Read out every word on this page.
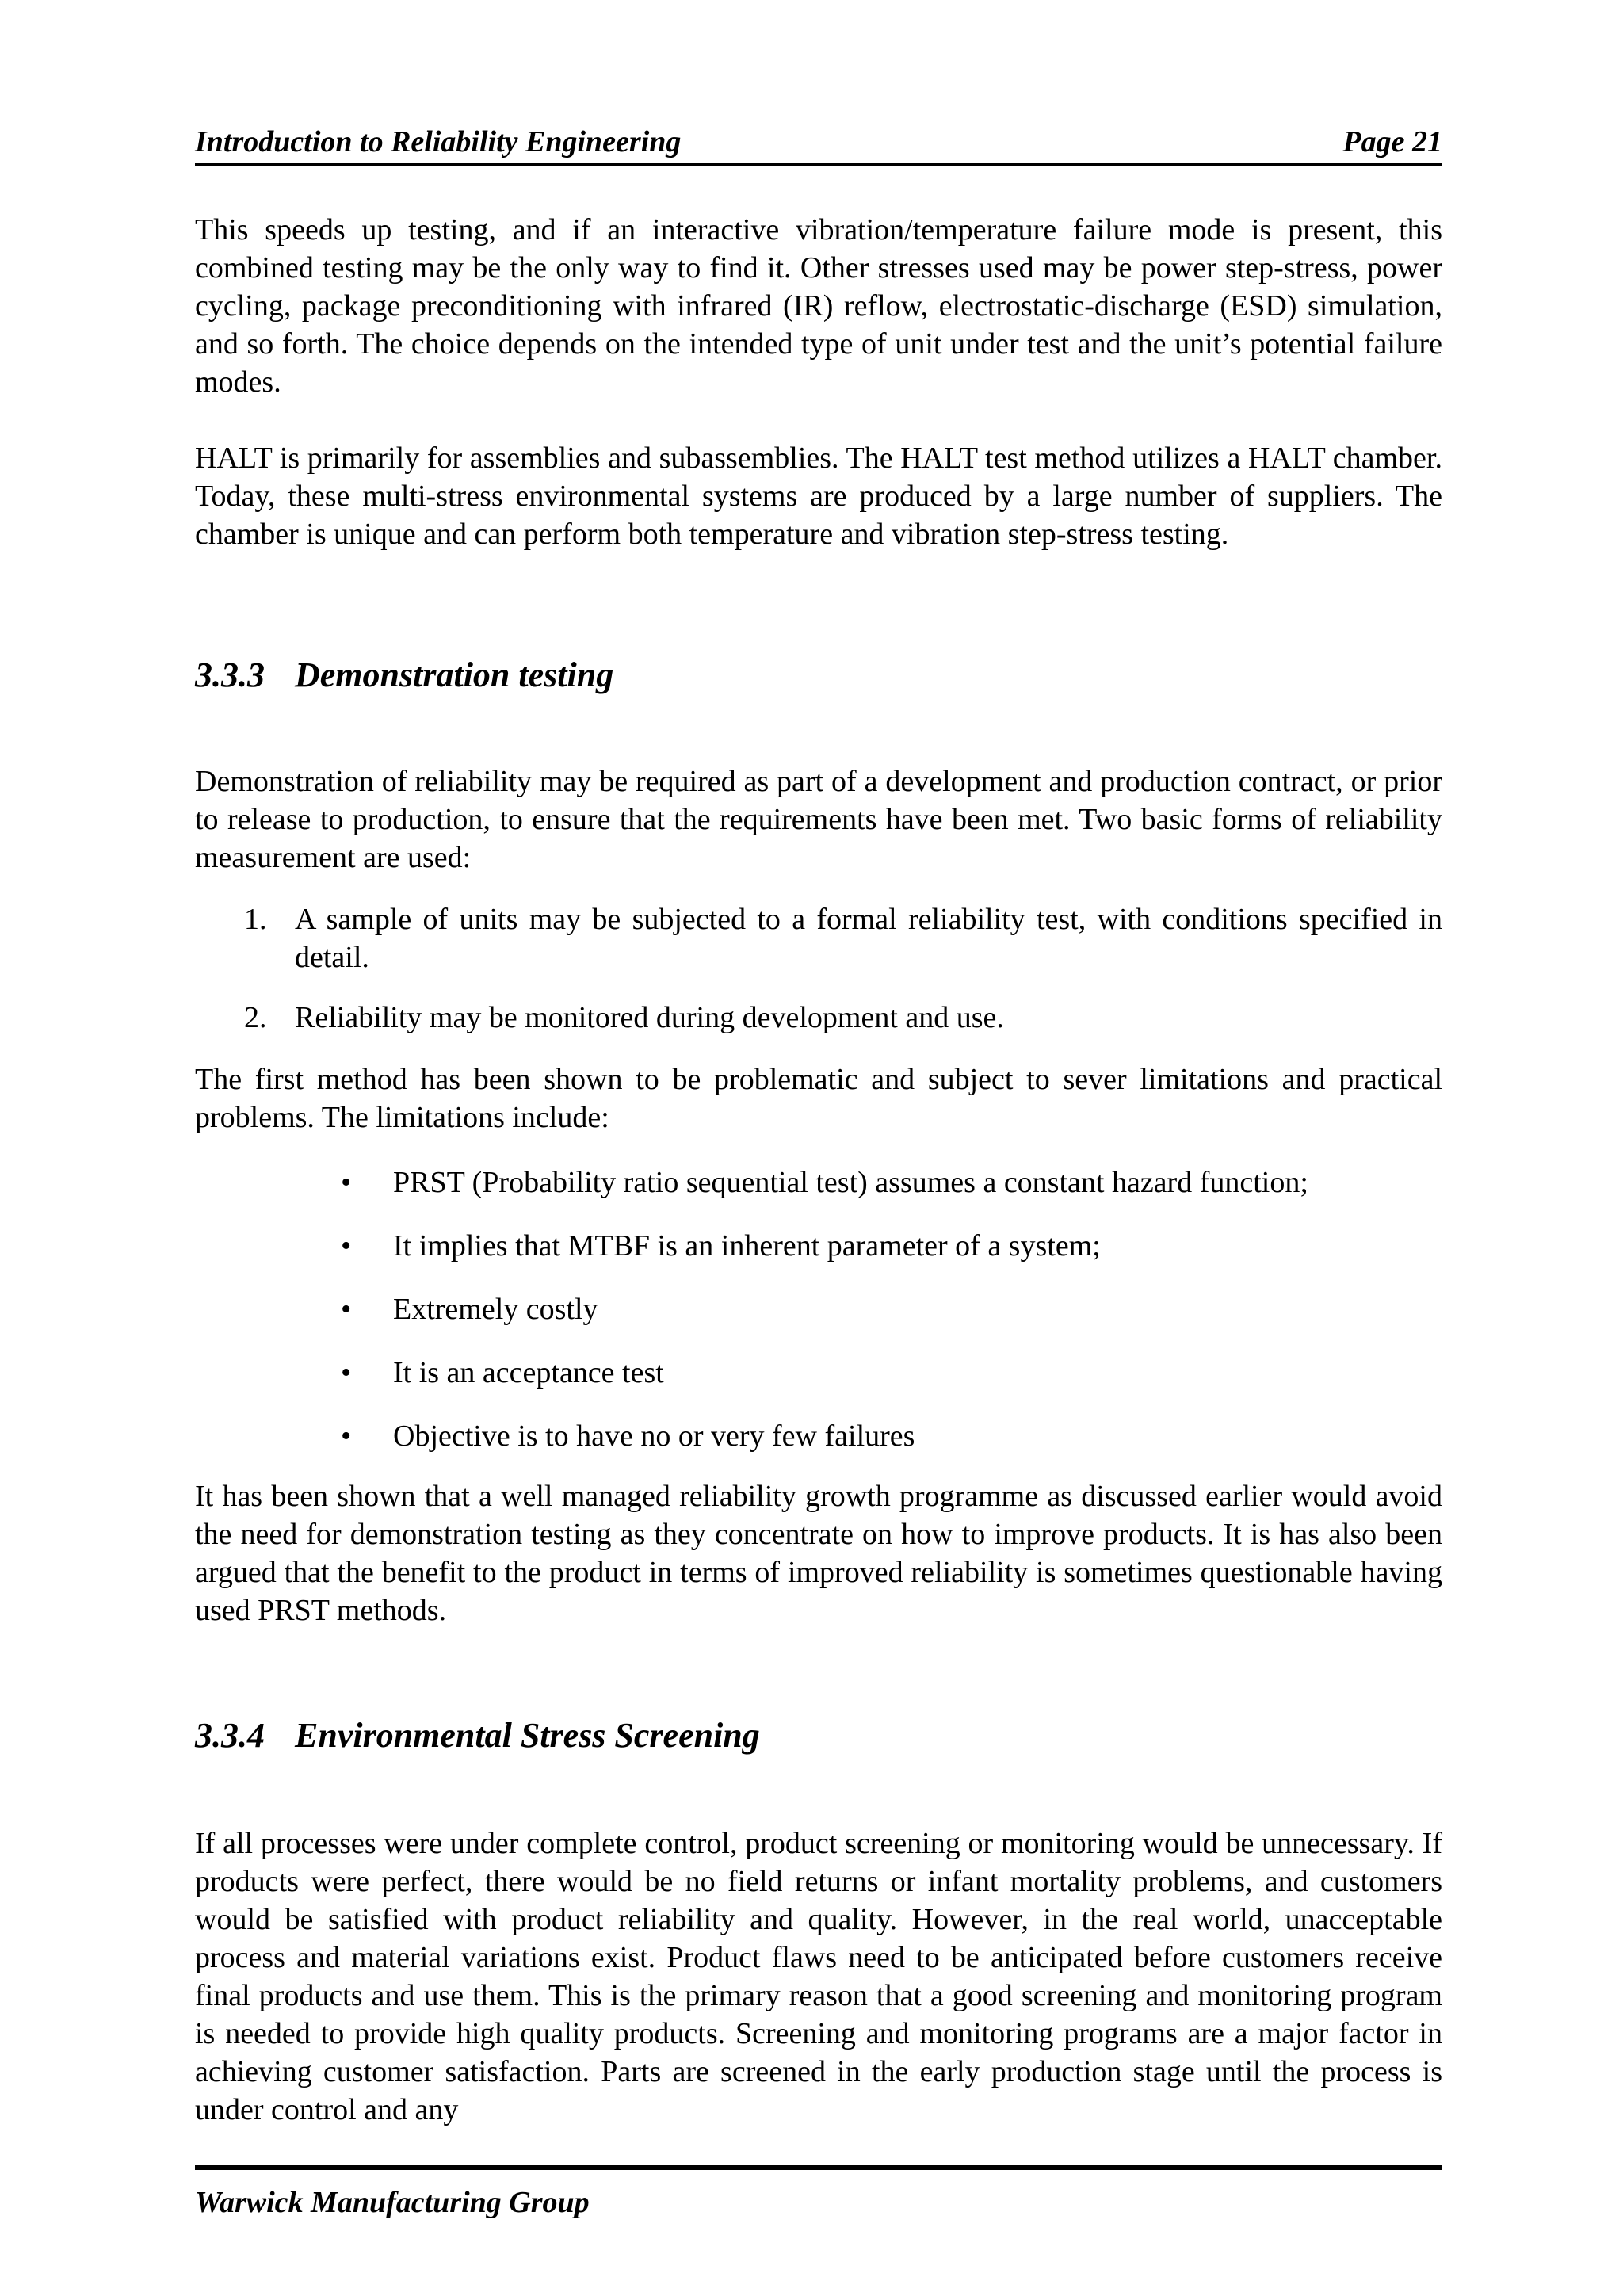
Introduction to Reliability Engineering	Page 21

This speeds up testing, and if an interactive vibration/temperature failure mode is present, this combined testing may be the only way to find it. Other stresses used may be power step-stress, power cycling, package preconditioning with infrared (IR) reflow, electrostatic-discharge (ESD) simulation, and so forth. The choice depends on the intended type of unit under test and the unit’s potential failure modes.

HALT is primarily for assemblies and subassemblies. The HALT test method utilizes a HALT chamber. Today, these multi-stress environmental systems are produced by a large number of suppliers. The chamber is unique and can perform both temperature and vibration step-stress testing.

3.3.3 Demonstration testing

Demonstration of reliability may be required as part of a development and production contract, or prior to release to production, to ensure that the requirements have been met. Two basic forms of reliability measurement are used:

1. A sample of units may be subjected to a formal reliability test, with conditions specified in detail.
2. Reliability may be monitored during development and use.

The first method has been shown to be problematic and subject to sever limitations and practical problems. The limitations include:

• PRST (Probability ratio sequential test) assumes a constant hazard function;
• It implies that MTBF is an inherent parameter of a system;
• Extremely costly
• It is an acceptance test
• Objective is to have no or very few failures

It has been shown that a well managed reliability growth programme as discussed earlier would avoid the need for demonstration testing as they concentrate on how to improve products. It is has also been argued that the benefit to the product in terms of improved reliability is sometimes questionable having used PRST methods.

3.3.4 Environmental Stress Screening

If all processes were under complete control, product screening or monitoring would be unnecessary. If products were perfect, there would be no field returns or infant mortality problems, and customers would be satisfied with product reliability and quality. However, in the real world, unacceptable process and material variations exist. Product flaws need to be anticipated before customers receive final products and use them. This is the primary reason that a good screening and monitoring program is needed to provide high quality products. Screening and monitoring programs are a major factor in achieving customer satisfaction. Parts are screened in the early production stage until the process is under control and any

Warwick Manufacturing Group
